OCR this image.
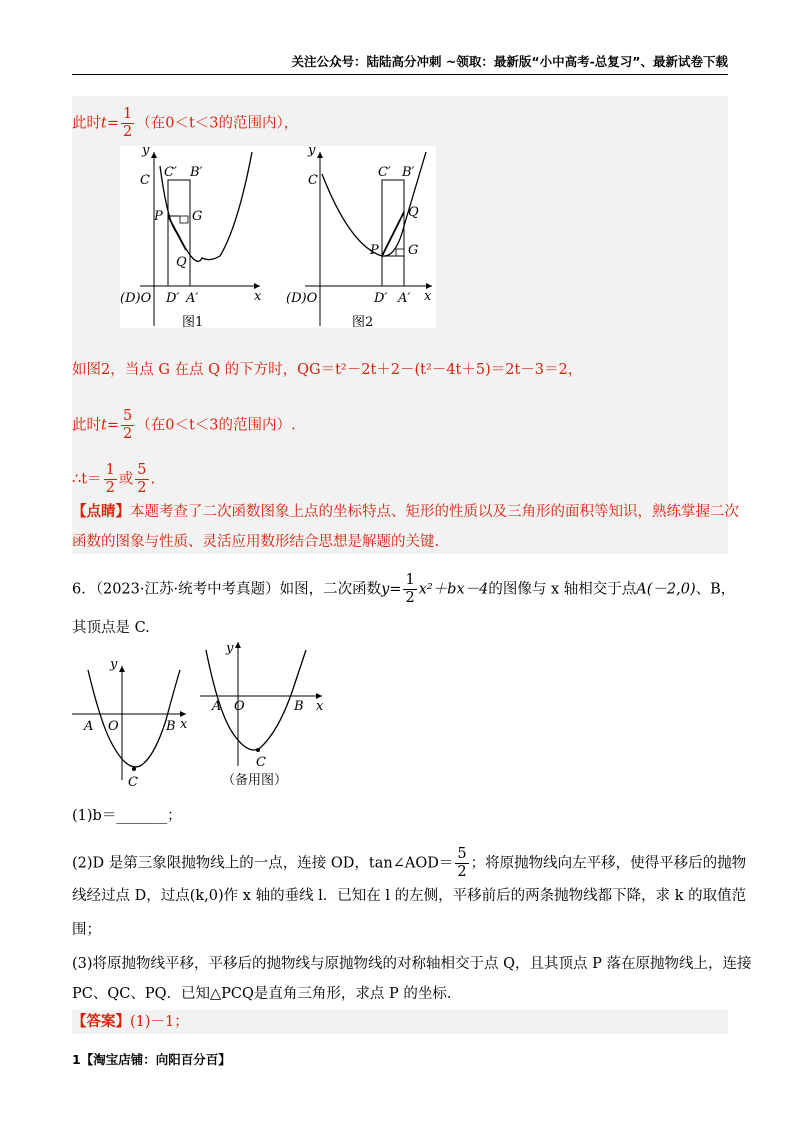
关注公众号：陆陆高分冲刺 ~领取：最新版“小中高考-总复习”、最新试卷下载
此时$t= \frac{1}{2}$ （在0＜t＜3的范围内），
y
C
C′ B′
P G
Q
(D)O D′ A′	x
图1
y
C
C′ B′
P G
Q
(D)O	D′ A′ x
图2
如图2，当点 G 在点 Q 的下方时，QG＝t²－2t＋2－(t²－4t＋5)＝2t－3＝2，
此时$t= \frac{5}{2}$ （在0＜t＜3的范围内）.
∴t＝ $\frac{1}{2}$ 或 $\frac{5}{2}$ .
【点睛】本题考查了二次函数图象上点的坐标特点、矩形的性质以及三角形的面积等知识，熟练掌握二次
函数的图象与性质、灵活应用数形结合思想是解题的关键.
6．（2023·江苏·统考中考真题）如图，二次函数$y= \frac{1}{2} x^2+bx-4$的图像与 x 轴相交于点A(－2,0)、B，
其顶点是 C.
y
x
A O	B
C
y
x
A O	B
C
（备用图）
(1)b＝_______；
(2)D 是第三象限抛物线上的一点，连接 OD，tan∠AOD＝ $\frac{5}{2}$ ；将原抛物线向左平移，使得平移后的抛物
线经过点 D，过点(k,0)作 x 轴的垂线 l．已知在 l 的左侧，平移前后的两条抛物线都下降，求 k 的取值范
围；
(3)将原抛物线平移，平移后的抛物线与原抛物线的对称轴相交于点 Q，且其顶点 P 落在原抛物线上，连接
PC、QC、PQ．已知△PCQ是直角三角形，求点 P 的坐标.
【答案】(1)－1；
1【淘宝店铺：向阳百分百】
